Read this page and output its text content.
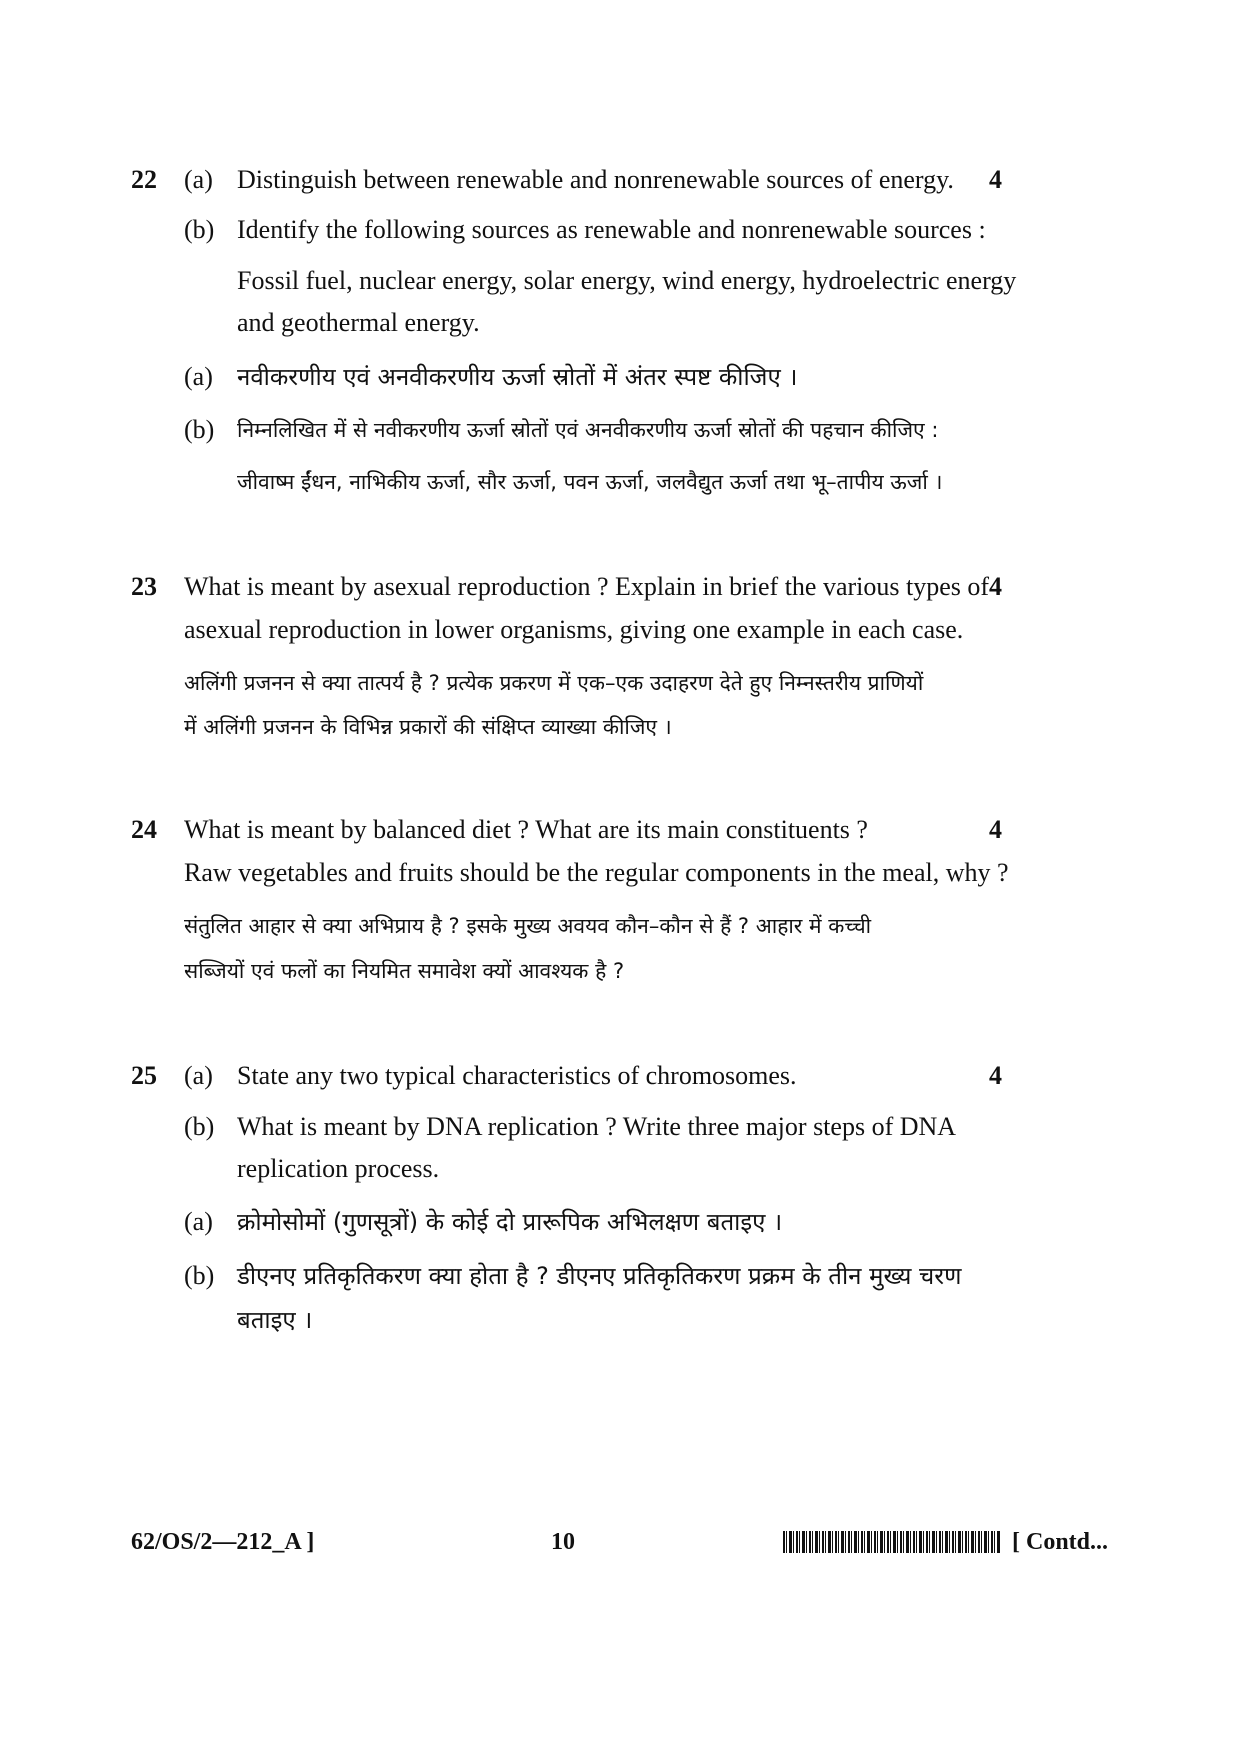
22	4
(a) Distinguish between renewable and nonrenewable sources of energy.
(b) Identify the following sources as renewable and nonrenewable sources :
Fossil fuel, nuclear energy, solar energy, wind energy, hydroelectric energy
and geothermal energy.
(a) नवीकरणीय एवं अनवीकरणीय ऊर्जा स्रोतों में अंतर स्पष्ट कीजिए ।
(b) निम्नलिखित में से नवीकरणीय ऊर्जा स्रोतों एवं अनवीकरणीय ऊर्जा स्रोतों की पहचान कीजिए :
जीवाष्म ईंधन, नाभिकीय ऊर्जा, सौर ऊर्जा, पवन ऊर्जा, जलवैद्युत ऊर्जा तथा भू–तापीय ऊर्जा ।
23	4
What is meant by asexual reproduction ? Explain in brief the various types of
asexual reproduction in lower organisms, giving one example in each case.
अलिंगी प्रजनन से क्या तात्पर्य है ? प्रत्येक प्रकरण में एक–एक उदाहरण देते हुए निम्नस्तरीय प्राणियों
में अलिंगी प्रजनन के विभिन्न प्रकारों की संक्षिप्त व्याख्या कीजिए ।
24	4
What is meant by balanced diet ? What are its main constituents ?
Raw vegetables and fruits should be the regular components in the meal, why ?
संतुलित आहार से क्या अभिप्राय है ? इसके मुख्य अवयव कौन–कौन से हैं ? आहार में कच्ची
सब्जियों एवं फलों का नियमित समावेश क्यों आवश्यक है ?
25	4
(a) State any two typical characteristics of chromosomes.
(b) What is meant by DNA replication ? Write three major steps of DNA
replication process.
(a) क्रोमोसोमों (गुणसूत्रों) के कोई दो प्रारूपिक अभिलक्षण बताइए ।
(b) डीएनए प्रतिकृतिकरण क्या होता है ? डीएनए प्रतिकृतिकरण प्रक्रम के तीन मुख्य चरण
बताइए ।
62/OS/2—212_A ]	10	[ Contd...
